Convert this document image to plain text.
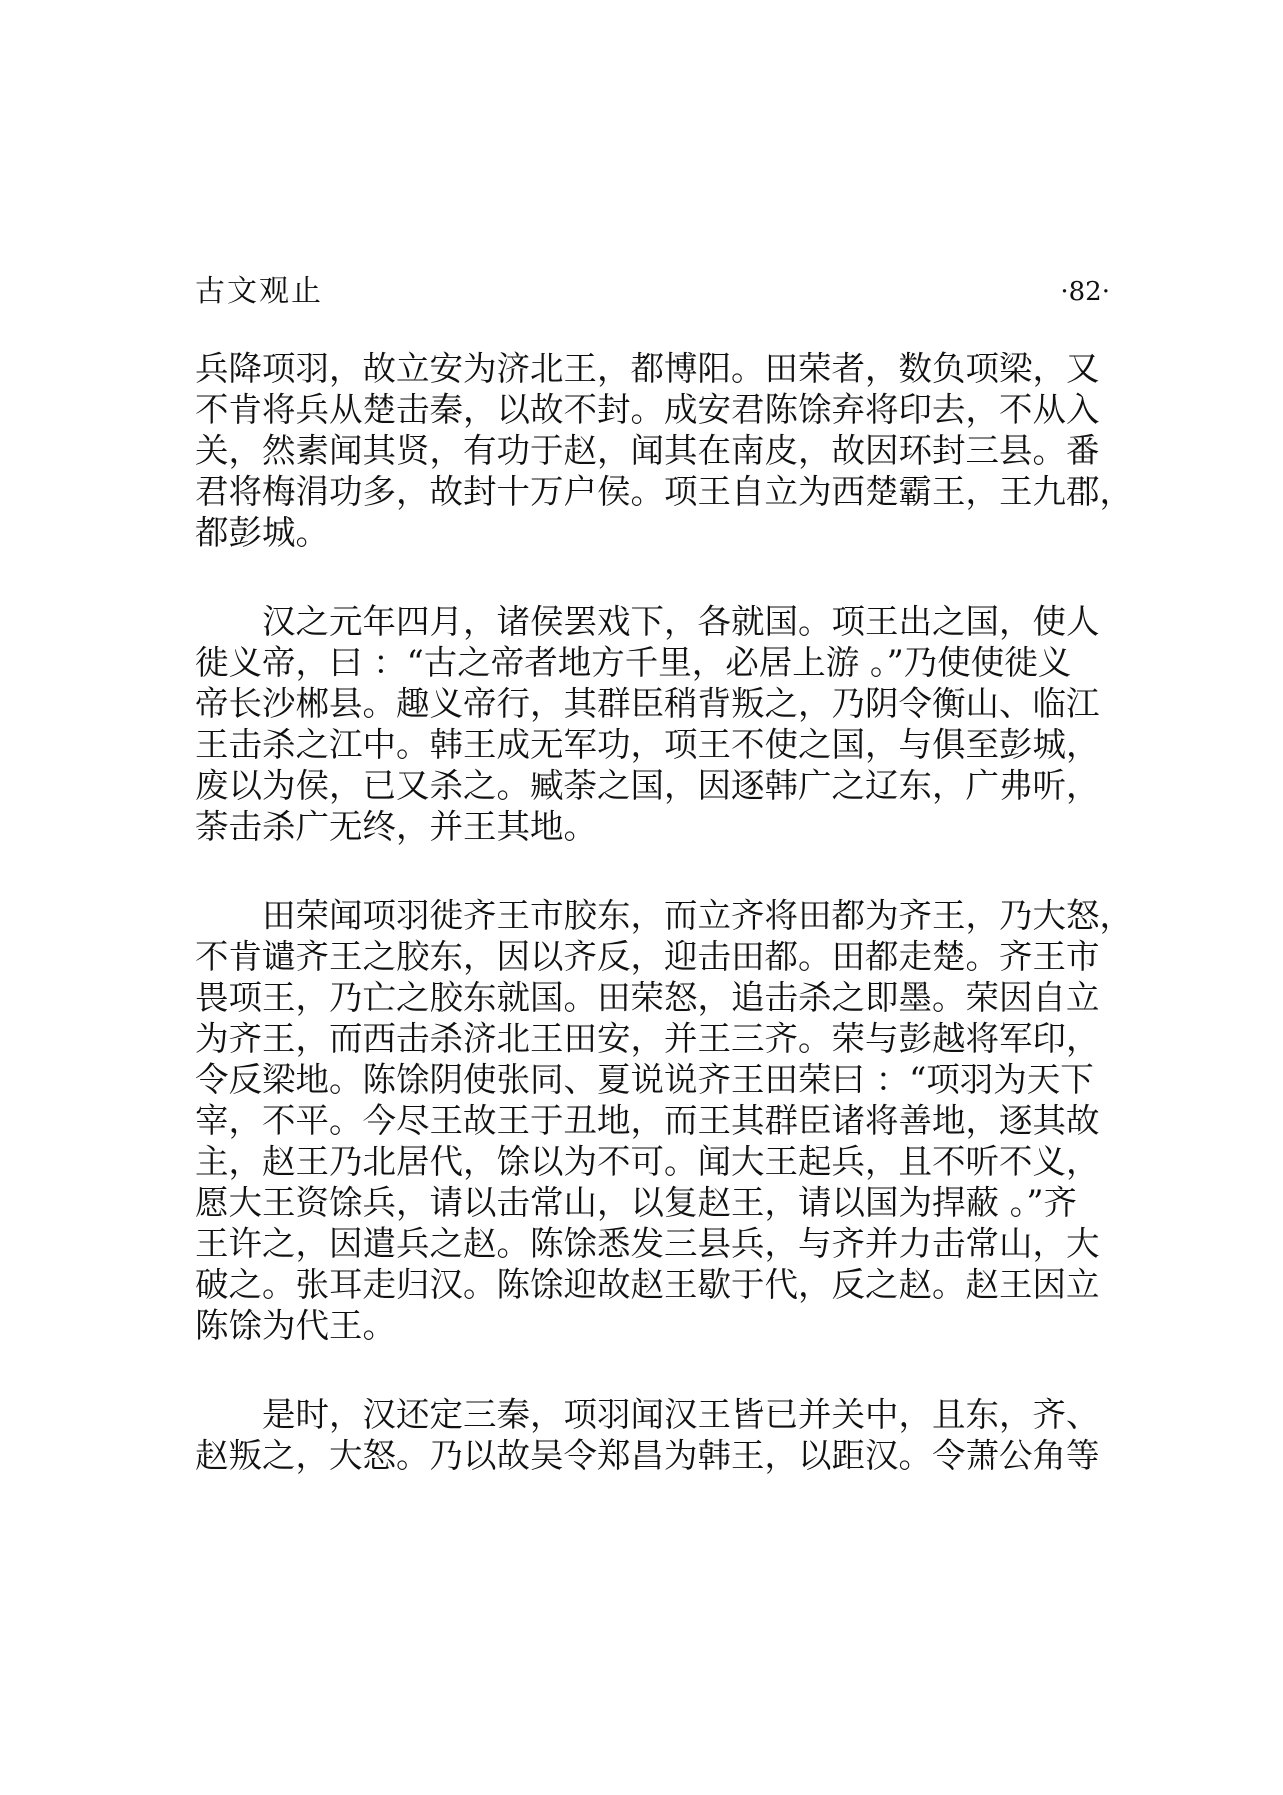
古文观止	·82·

兵降项羽，故立安为济北王，都博阳。田荣者，数负项梁，又
不肯将兵从楚击秦，以故不封。成安君陈馀弃将印去，不从入
关，然素闻其贤，有功于赵，闻其在南皮，故因环封三县。番
君将梅涓功多，故封十万户侯。项王自立为西楚霸王，王九郡，
都彭城。

　　汉之元年四月，诸侯罢戏下，各就国。项王出之国，使人
徙义帝，曰 ：“古之帝者地方千里，必居上游 。”乃使使徙义
帝长沙郴县。趣义帝行，其群臣稍背叛之，乃阴令衡山、临江
王击杀之江中。韩王成无军功，项王不使之国，与俱至彭城，
废以为侯，已又杀之。臧荼之国，因逐韩广之辽东，广弗听，
荼击杀广无终，并王其地。

　　田荣闻项羽徙齐王市胶东，而立齐将田都为齐王，乃大怒，
不肯谴齐王之胶东，因以齐反，迎击田都。田都走楚。齐王市
畏项王，乃亡之胶东就国。田荣怒，追击杀之即墨。荣因自立
为齐王，而西击杀济北王田安，并王三齐。荣与彭越将军印，
令反梁地。陈馀阴使张同、夏说说齐王田荣曰 ：“项羽为天下
宰，不平。今尽王故王于丑地，而王其群臣诸将善地，逐其故
主，赵王乃北居代，馀以为不可。闻大王起兵，且不听不义，
愿大王资馀兵，请以击常山，以复赵王，请以国为捍蔽 。”齐
王许之，因遣兵之赵。陈馀悉发三县兵，与齐并力击常山，大
破之。张耳走归汉。陈馀迎故赵王歇于代，反之赵。赵王因立
陈馀为代王。

　　是时，汉还定三秦，项羽闻汉王皆已并关中，且东，齐、
赵叛之，大怒。乃以故吴令郑昌为韩王，以距汉。令萧公角等
